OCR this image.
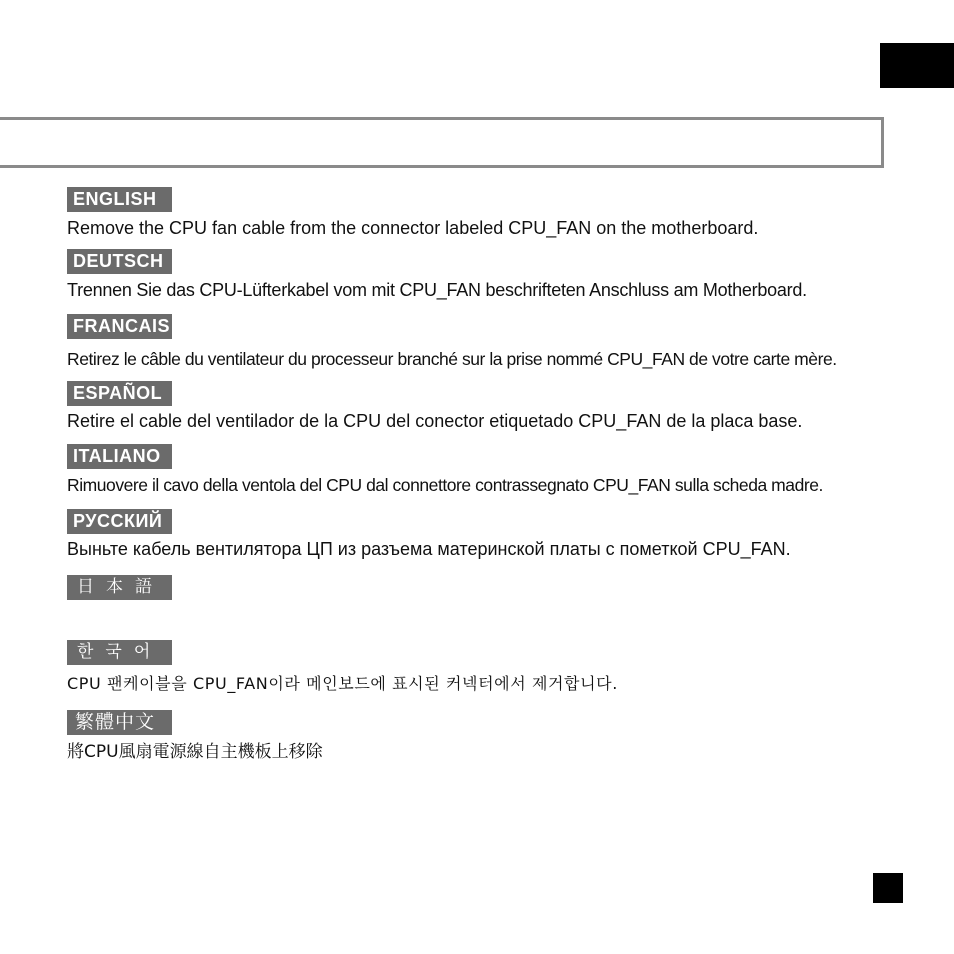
ENGLISH
Remove the CPU fan cable from the connector labeled CPU_FAN on the motherboard.
DEUTSCH
Trennen Sie das CPU-Lüfterkabel vom mit CPU_FAN beschrifteten Anschluss am Motherboard.
FRANCAIS
Retirez le câble du ventilateur du processeur branché sur la prise nommé CPU_FAN de votre carte mère.
ESPAÑOL
Retire el cable del ventilador de la CPU del conector etiquetado CPU_FAN de la placa base.
ITALIANO
Rimuovere il cavo della ventola del CPU dal connettore contrassegnato CPU_FAN sulla scheda madre.
РУССКИЙ
Выньте кабель вентилятора ЦП из разъема материнской платы с пометкой CPU_FAN.
日本語
한국어
CPU 팬케이블을 CPU_FAN이라 메인보드에 표시된 커넥터에서 제거합니다.
繁體中文
將CPU風扇電源線自主機板上移除
